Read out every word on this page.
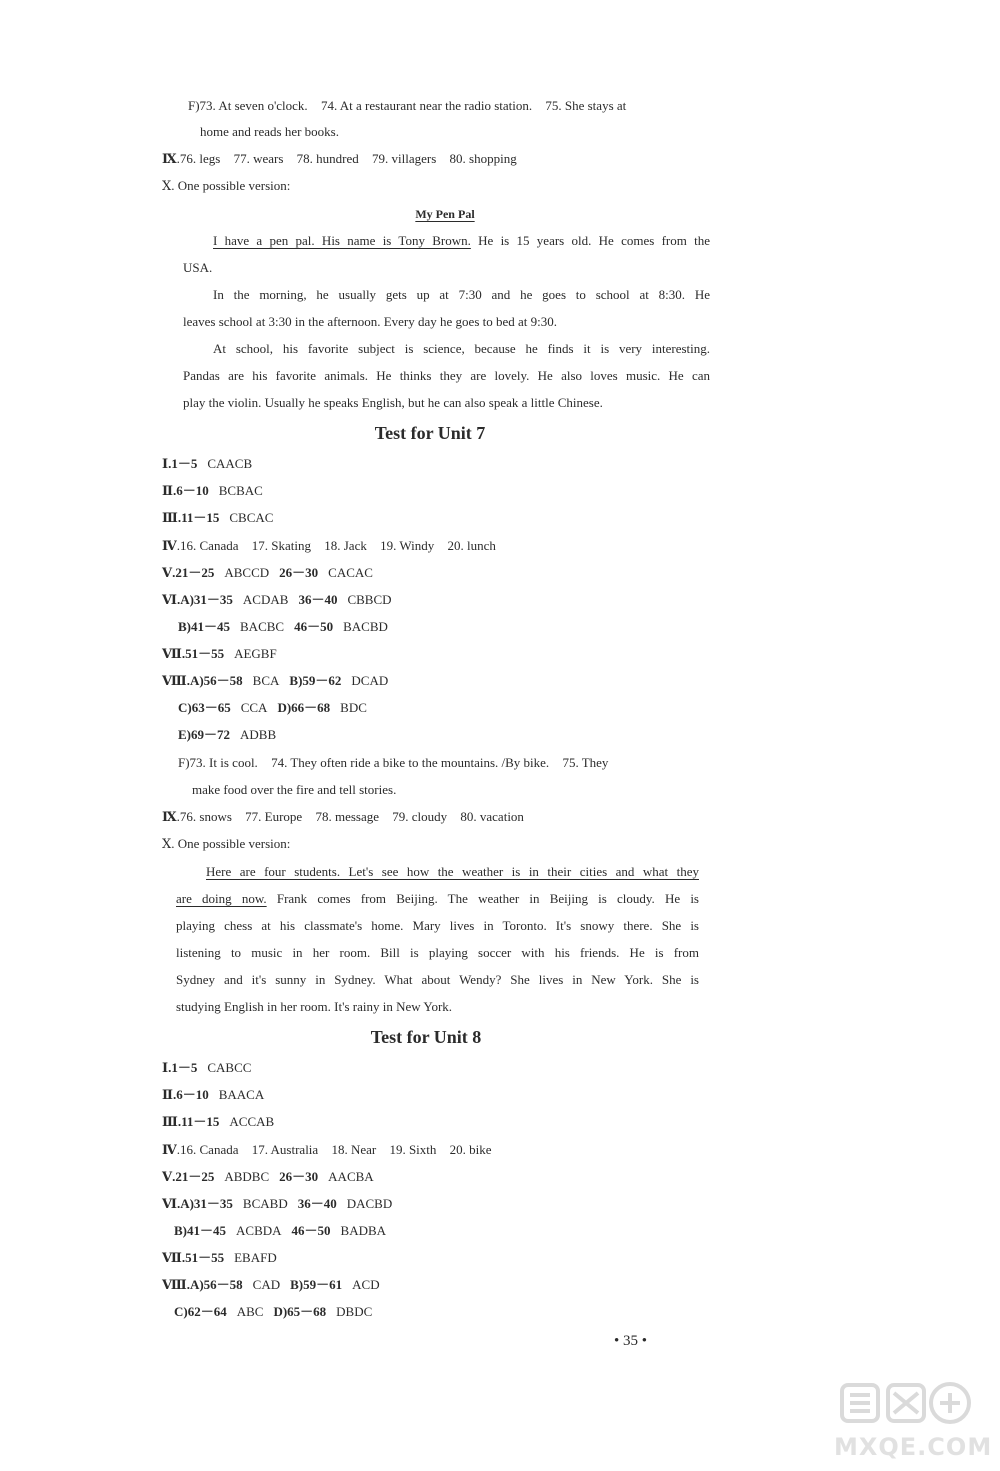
F)73. At seven o'clock. 74. At a restaurant near the radio station. 75. She stays at
home and reads her books.
Ⅸ.76. legs 77. wears 78. hundred 79. villagers 80. shopping
Ⅹ. One possible version:
My Pen Pal
I have a pen pal. His name is Tony Brown. He is 15 years old. He comes from the
USA.
In the morning, he usually gets up at 7:30 and he goes to school at 8:30. He
leaves school at 3:30 in the afternoon. Every day he goes to bed at 9:30.
At school, his favorite subject is science, because he finds it is very interesting.
Pandas are his favorite animals. He thinks they are lovely. He also loves music. He can
play the violin. Usually he speaks English, but he can also speak a little Chinese.
Test for Unit 7
Ⅰ.1－5 CAACB
Ⅱ.6－10 BCBAC
Ⅲ.11－15 CBCAC
Ⅳ.16. Canada 17. Skating 18. Jack 19. Windy 20. lunch
Ⅴ.21－25 ABCCD 26－30 CACAC
Ⅵ.A)31－35 ACDAB 36－40 CBBCD
B)41－45 BACBC 46－50 BACBD
Ⅶ.51－55 AEGBF
Ⅷ.A)56－58 BCA B)59－62 DCAD
C)63－65 CCA D)66－68 BDC
E)69－72 ADBB
F)73. It is cool. 74. They often ride a bike to the mountains. /By bike. 75. They
make food over the fire and tell stories.
Ⅸ.76. snows 77. Europe 78. message 79. cloudy 80. vacation
Ⅹ. One possible version:
Here are four students. Let's see how the weather is in their cities and what they
are doing now. Frank comes from Beijing. The weather in Beijing is cloudy. He is
playing chess at his classmate's home. Mary lives in Toronto. It's snowy there. She is
listening to music in her room. Bill is playing soccer with his friends. He is from
Sydney and it's sunny in Sydney. What about Wendy? She lives in New York. She is
studying English in her room. It's rainy in New York.
Test for Unit 8
Ⅰ.1－5 CABCC
Ⅱ.6－10 BAACA
Ⅲ.11－15 ACCAB
Ⅳ.16. Canada 17. Australia 18. Near 19. Sixth 20. bike
Ⅴ.21－25 ABDBC 26－30 AACBA
Ⅵ.A)31－35 BCABD 36－40 DACBD
B)41－45 ACBDA 46－50 BADBA
Ⅶ.51－55 EBAFD
Ⅷ.A)56－58 CAD B)59－61 ACD
C)62－64 ABC D)65－68 DBDC
• 35 •
MXQE.COM
